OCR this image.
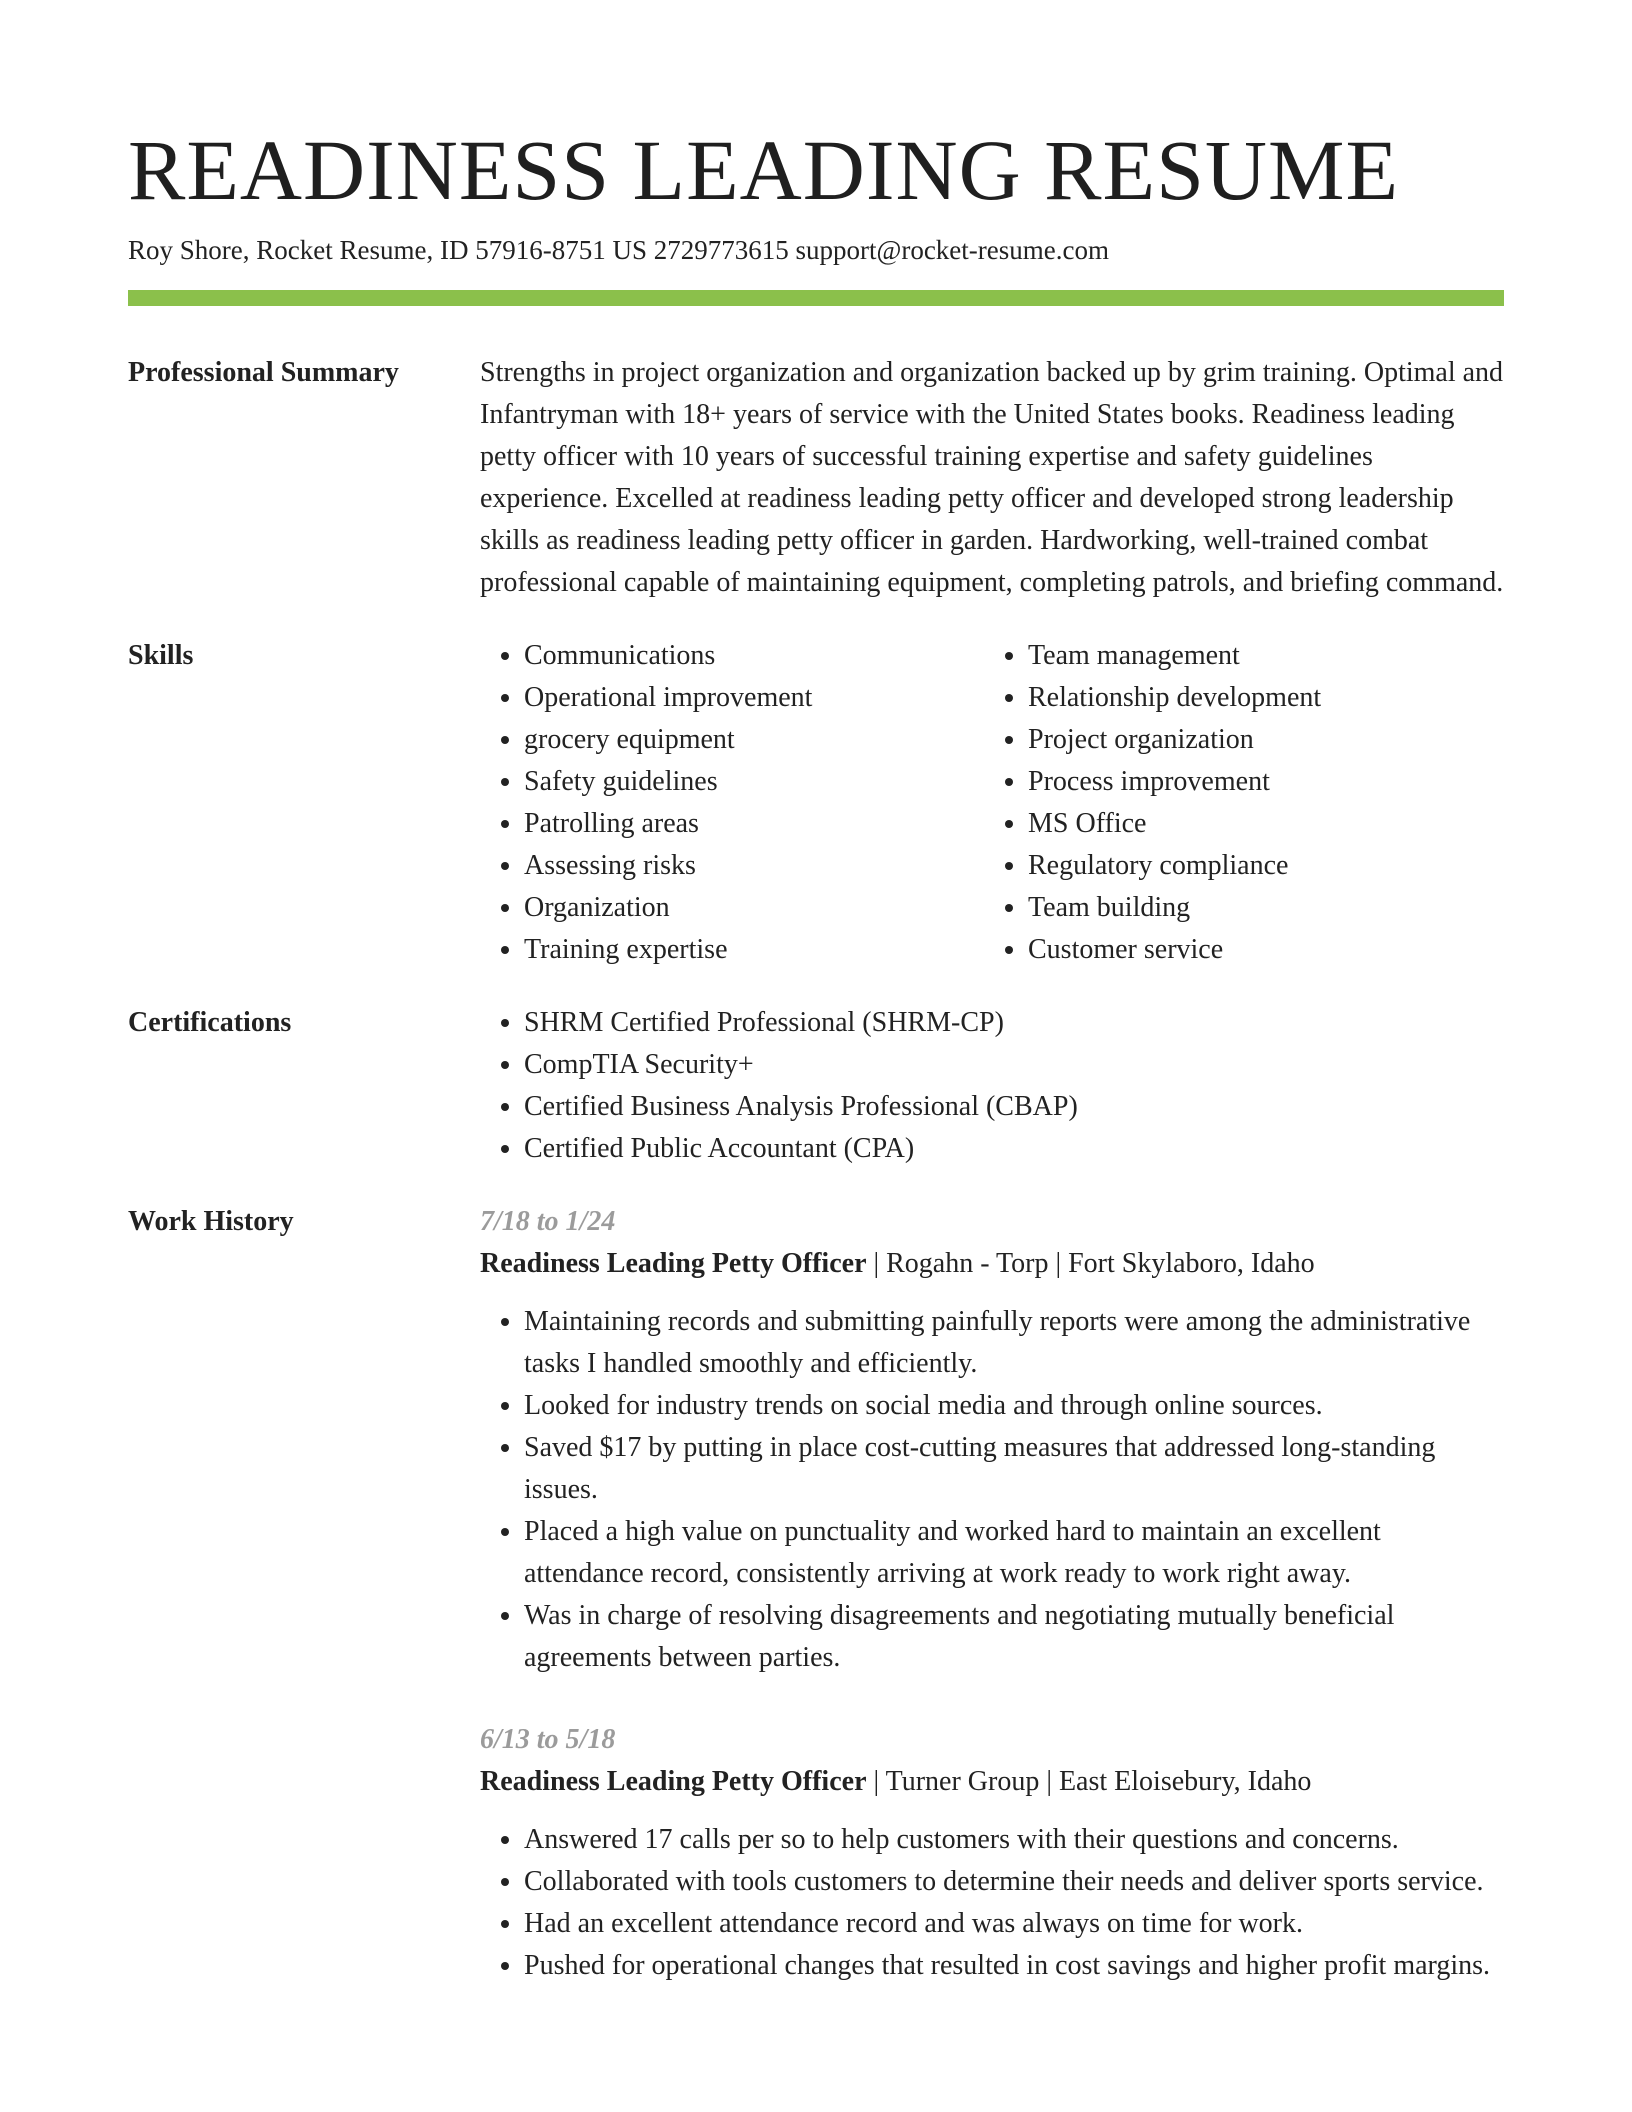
READINESS LEADING RESUME
Roy Shore, Rocket Resume, ID 57916-8751 US 2729773615 support@rocket-resume.com
Professional Summary	Strengths in project organization and organization backed up by grim training. Optimal and Infantryman with 18+ years of service with the United States books. Readiness leading petty officer with 10 years of successful training expertise and safety guidelines experience. Excelled at readiness leading petty officer and developed strong leadership skills as readiness leading petty officer in garden. Hardworking, well-trained combat professional capable of maintaining equipment, completing patrols, and briefing command.

Skills	• Communications
• Operational improvement
• grocery equipment
• Safety guidelines
• Patrolling areas
• Assessing risks
• Organization
• Training expertise
• Team management
• Relationship development
• Project organization
• Process improvement
• MS Office
• Regulatory compliance
• Team building
• Customer service
Certifications	• SHRM Certified Professional (SHRM-CP)
• CompTIA Security+
• Certified Business Analysis Professional (CBAP)
• Certified Public Accountant (CPA)
Work History	7/18 to 1/24
Readiness Leading Petty Officer | Rogahn - Torp | Fort Skylaboro, Idaho
• Maintaining records and submitting painfully reports were among the administrative tasks I handled smoothly and efficiently.
• Looked for industry trends on social media and through online sources.
• Saved $17 by putting in place cost-cutting measures that addressed long-standing issues.
• Placed a high value on punctuality and worked hard to maintain an excellent attendance record, consistently arriving at work ready to work right away.
• Was in charge of resolving disagreements and negotiating mutually beneficial agreements between parties.
6/13 to 5/18
Readiness Leading Petty Officer | Turner Group | East Eloisebury, Idaho
• Answered 17 calls per so to help customers with their questions and concerns.
• Collaborated with tools customers to determine their needs and deliver sports service.
• Had an excellent attendance record and was always on time for work.
• Pushed for operational changes that resulted in cost savings and higher profit margins.
